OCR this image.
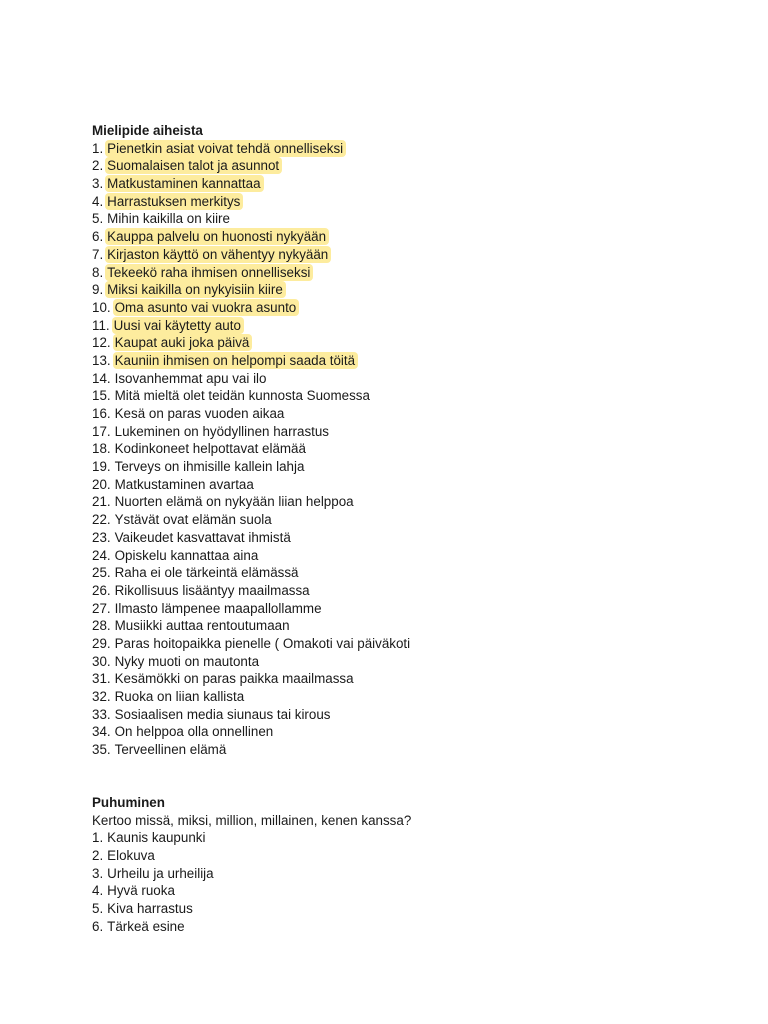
Mielipide aiheista
1. Pienetkin asiat voivat tehdä onnelliseksi
2. Suomalaisen talot ja asunnot
3. Matkustaminen kannattaa
4. Harrastuksen merkitys
5. Mihin kaikilla on kiire
6. Kauppa palvelu on huonosti nykyään
7. Kirjaston käyttö on vähentyy nykyään
8. Tekeekö raha ihmisen onnelliseksi
9. Miksi kaikilla on nykyisiin kiire
10. Oma asunto vai vuokra asunto
11. Uusi vai käytetty auto
12. Kaupat auki joka päivä
13. Kauniin ihmisen on helpompi saada töitä
14. Isovanhemmat apu vai ilo
15. Mitä mieltä olet teidän kunnosta Suomessa
16. Kesä on paras vuoden aikaa
17. Lukeminen on hyödyllinen harrastus
18. Kodinkoneet helpottavat elämää
19. Terveys on ihmisille kallein lahja
20. Matkustaminen avartaa
21. Nuorten elämä on nykyään liian helppoa
22. Ystävät ovat elämän suola
23. Vaikeudet kasvattavat ihmistä
24. Opiskelu kannattaa aina
25. Raha ei ole tärkeintä elämässä
26. Rikollisuus lisääntyy maailmassa
27. Ilmasto lämpenee maapallollamme
28. Musiikki auttaa rentoutumaan
29. Paras hoitopaikka pienelle ( Omakoti vai päiväkoti
30. Nyky muoti on mautonta
31. Kesämökki on paras paikka maailmassa
32. Ruoka on liian kallista
33. Sosiaalisen media siunaus tai kirous
34. On helppoa olla onnellinen
35. Terveellinen elämä
Puhuminen
Kertoo missä, miksi, million, millainen, kenen kanssa?
1. Kaunis kaupunki
2. Elokuva
3. Urheilu ja urheilija
4. Hyvä ruoka
5. Kiva harrastus
6. Tärkeä esine
